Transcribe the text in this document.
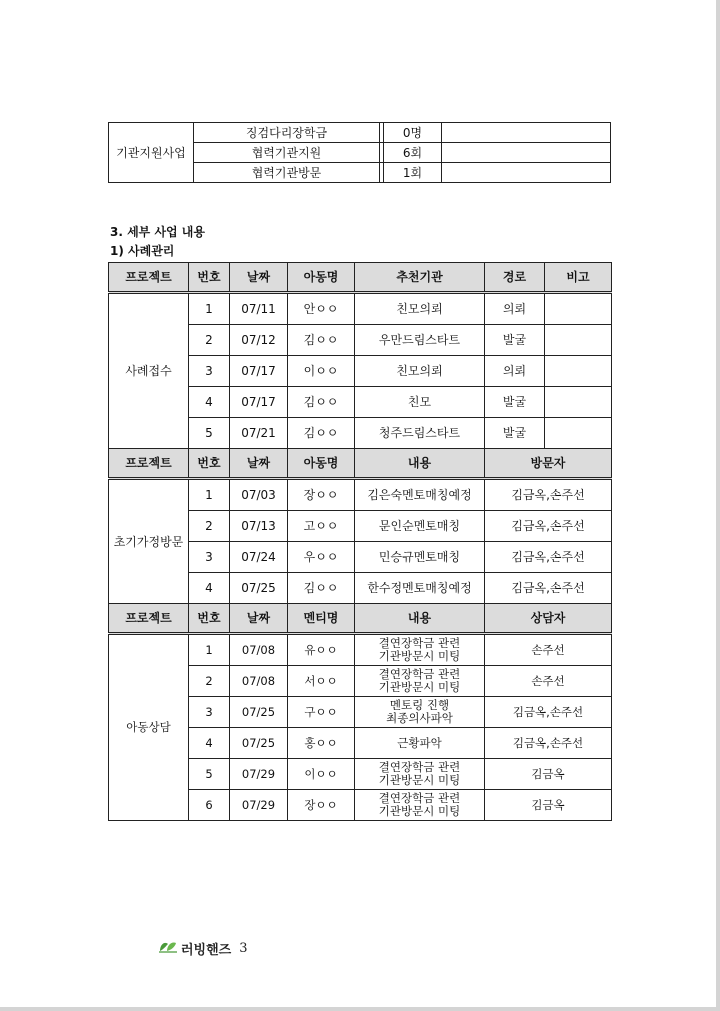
기관지원사업	징검다리장학금		0명	
	협력기관지원		6회	
	협력기관방문		1회	
3. 세부 사업 내용
1) 사례관리
프로젝트	번호	날짜	아동명	추천기관	경로	비고
사례접수	1	07/11	안ㅇㅇ	친모의뢰	의뢰	
	2	07/12	김ㅇㅇ	우만드림스타트	발굴	
	3	07/17	이ㅇㅇ	친모의뢰	의뢰	
	4	07/17	김ㅇㅇ	친모	발굴	
	5	07/21	김ㅇㅇ	청주드림스타트	발굴	
프로젝트	번호	날짜	아동명	내용	방문자	
초기가정방문	1	07/03	장ㅇㅇ	김은숙멘토매칭예정	김금옥,손주선	
	2	07/13	고ㅇㅇ	문인순멘토매칭	김금옥,손주선	
	3	07/24	우ㅇㅇ	민승규멘토매칭	김금옥,손주선	
	4	07/25	김ㅇㅇ	한수정멘토매칭예정	김금옥,손주선	
프로젝트	번호	날짜	멘티명	내용	상담자	
아동상담	1	07/08	유ㅇㅇ	결연장학금 관련
기관방문시 미팅	손주선	
	2	07/08	서ㅇㅇ	결연장학금 관련
기관방문시 미팅	손주선	
	3	07/25	구ㅇㅇ	멘토링 진행
최종의사파악	김금옥,손주선	
	4	07/25	홍ㅇㅇ	근황파악	김금옥,손주선	
	5	07/29	이ㅇㅇ	결연장학금 관련
기관방문시 미팅	김금옥	
	6	07/29	장ㅇㅇ	결연장학금 관련
기관방문시 미팅	김금옥	
러빙핸즈 3
